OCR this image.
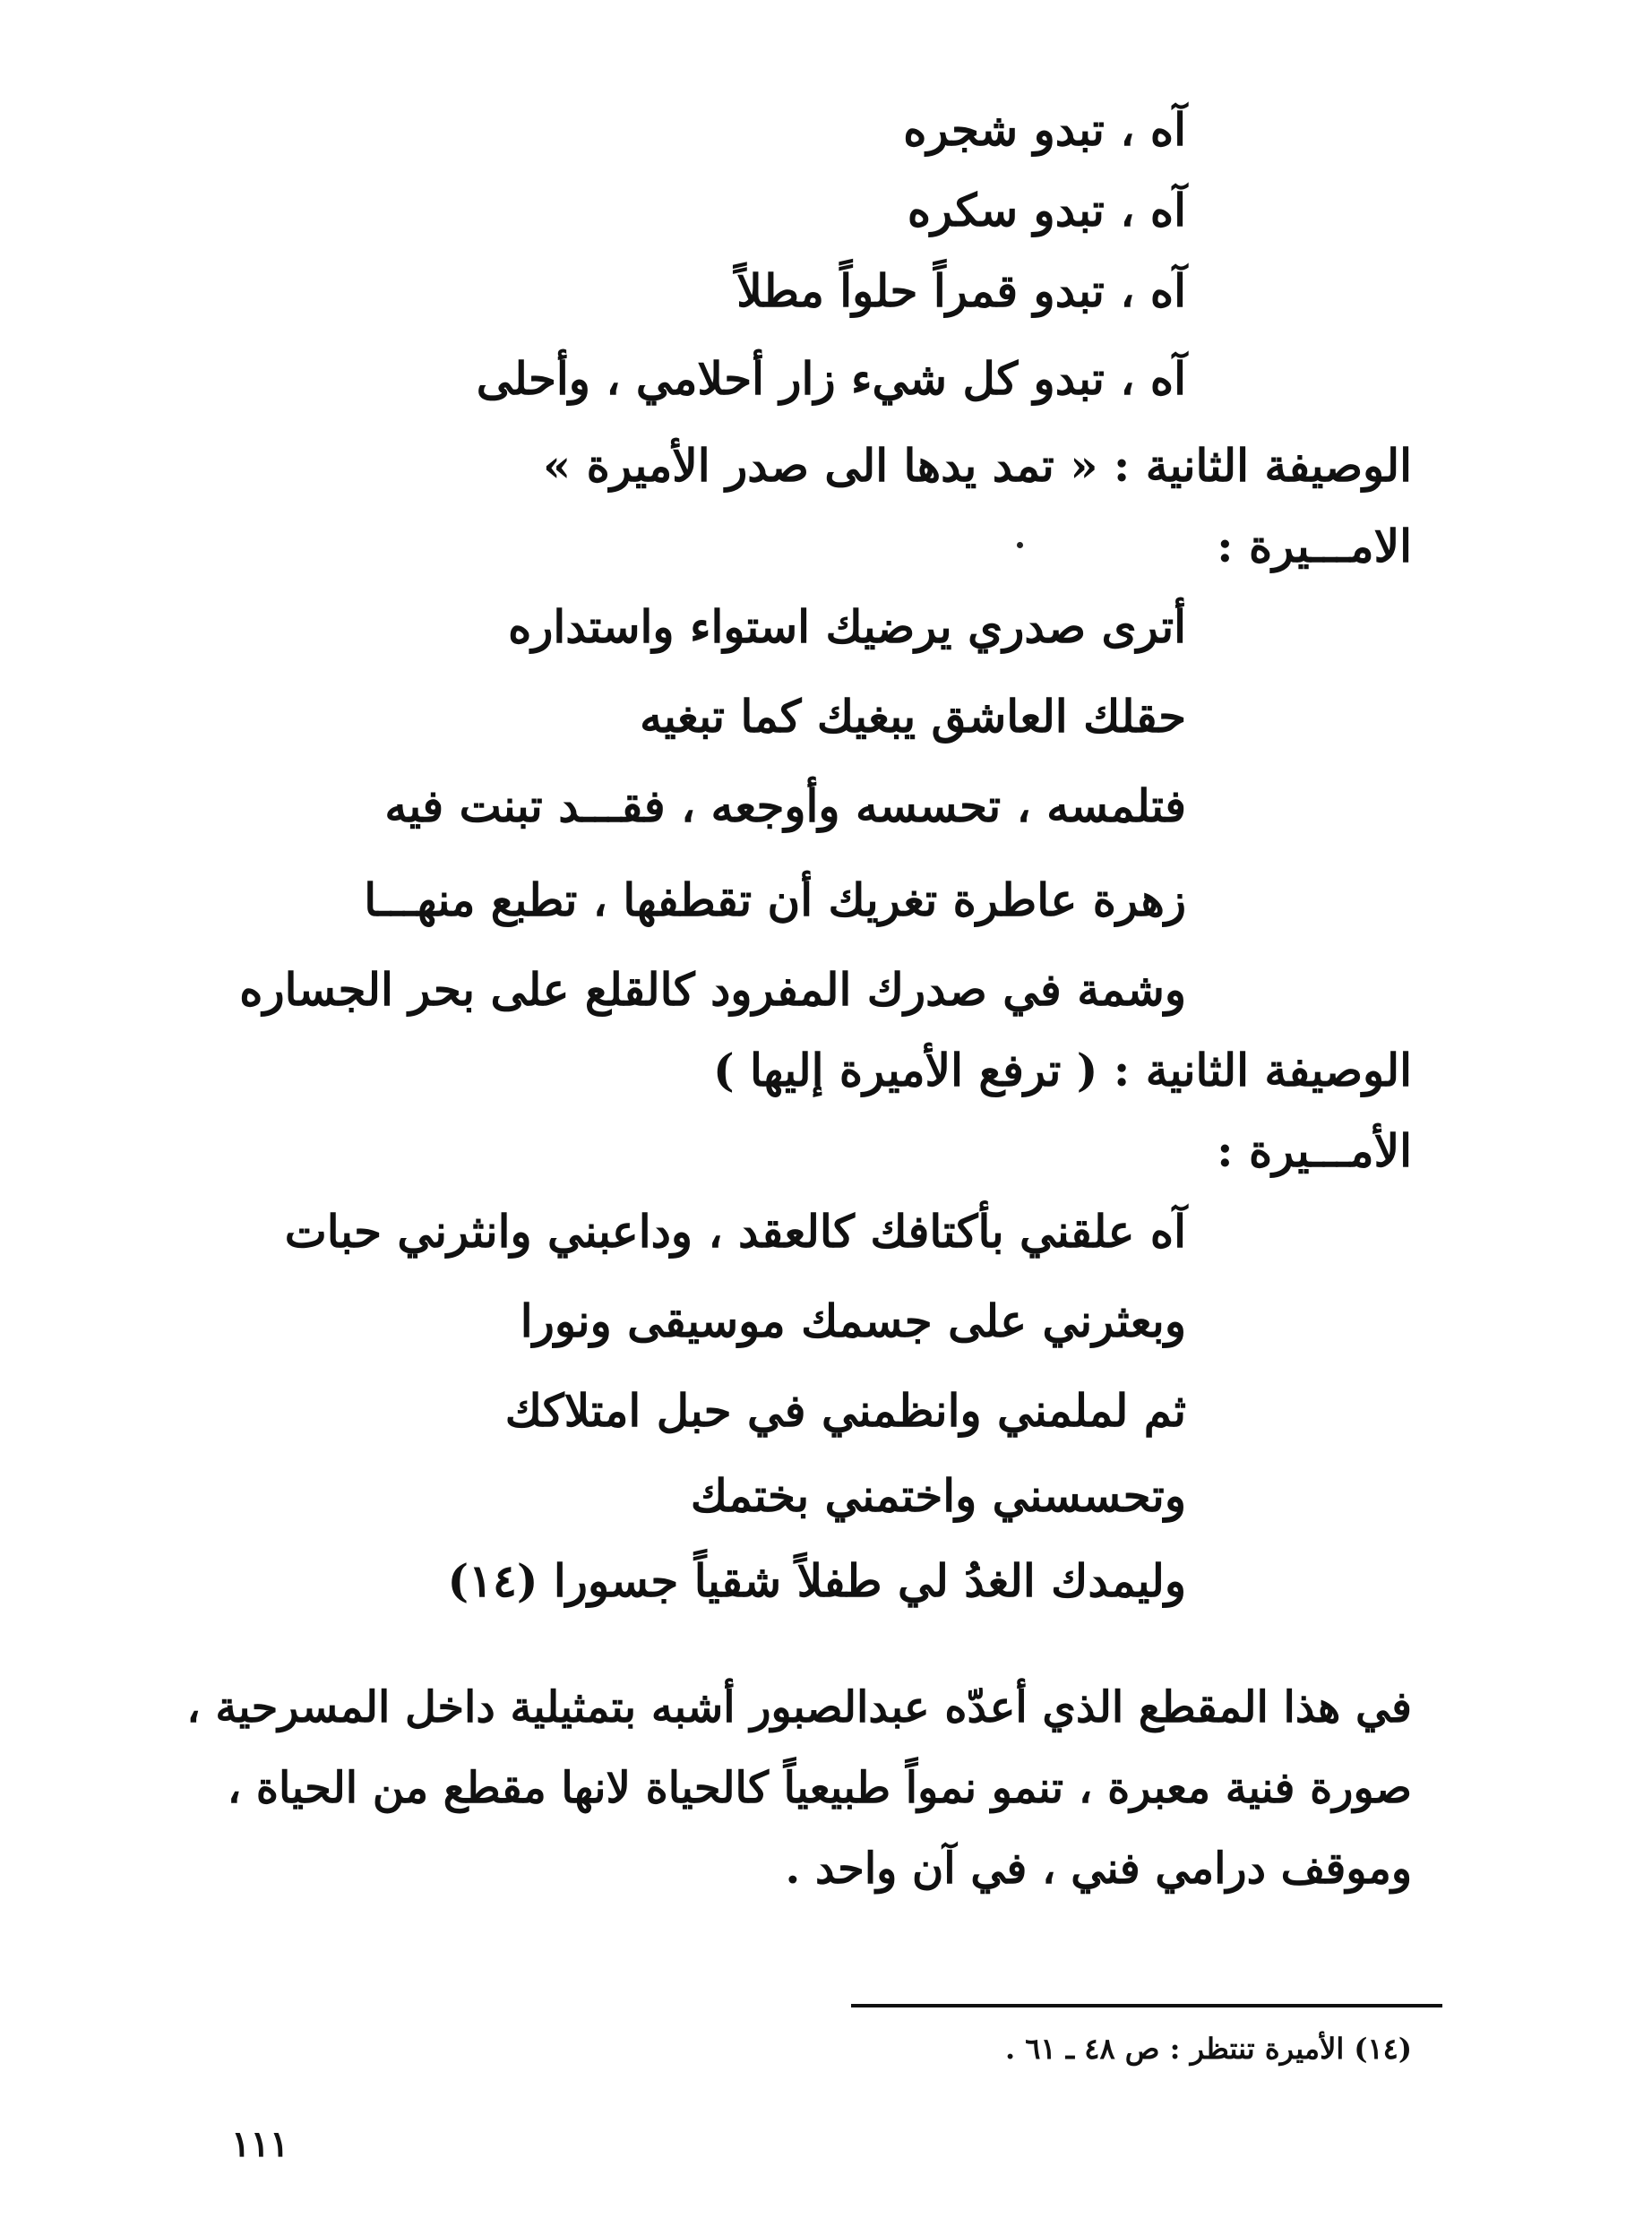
آه ، تبدو شجره
آه ، تبدو سكره
آه ، تبدو قمراً حلواً مطلاً
آه ، تبدو كل شيء زار أحلامي ، وأحلى
الوصيفة الثانية : « تمد يدها الى صدر الأميرة »
الامـــيرة :
أترى صدري يرضيك استواء واستداره
حقلك العاشق يبغيك كما تبغيه
فتلمسه ، تحسسه وأوجعه ، فقـــد تبنت فيه
زهرة عاطرة تغريك أن تقطفها ، تطبع منهـــا
وشمة في صدرك المفرود كالقلع على بحر الجساره
الوصيفة الثانية : ( ترفع الأميرة إليها )
الأمـــيرة :
آه علقني بأكتافك كالعقد ، وداعبني وانثرني حبات
وبعثرني على جسمك موسيقى ونورا
ثم لملمني وانظمني في حبل امتلاكك
وتحسسني واختمني بختمك
وليمدك الغدُ لي طفلاً شقياً جسورا (١٤)
في هذا المقطع الذي أعدّه عبدالصبور أشبه بتمثيلية داخل المسرحية ،
صورة فنية معبرة ، تنمو نمواً طبيعياً كالحياة لانها مقطع من الحياة ،
وموقف درامي فني ، في آن واحد .
(١٤) الأميرة تنتظر : ص ٤٨ ـ ٦١ .
١١١
